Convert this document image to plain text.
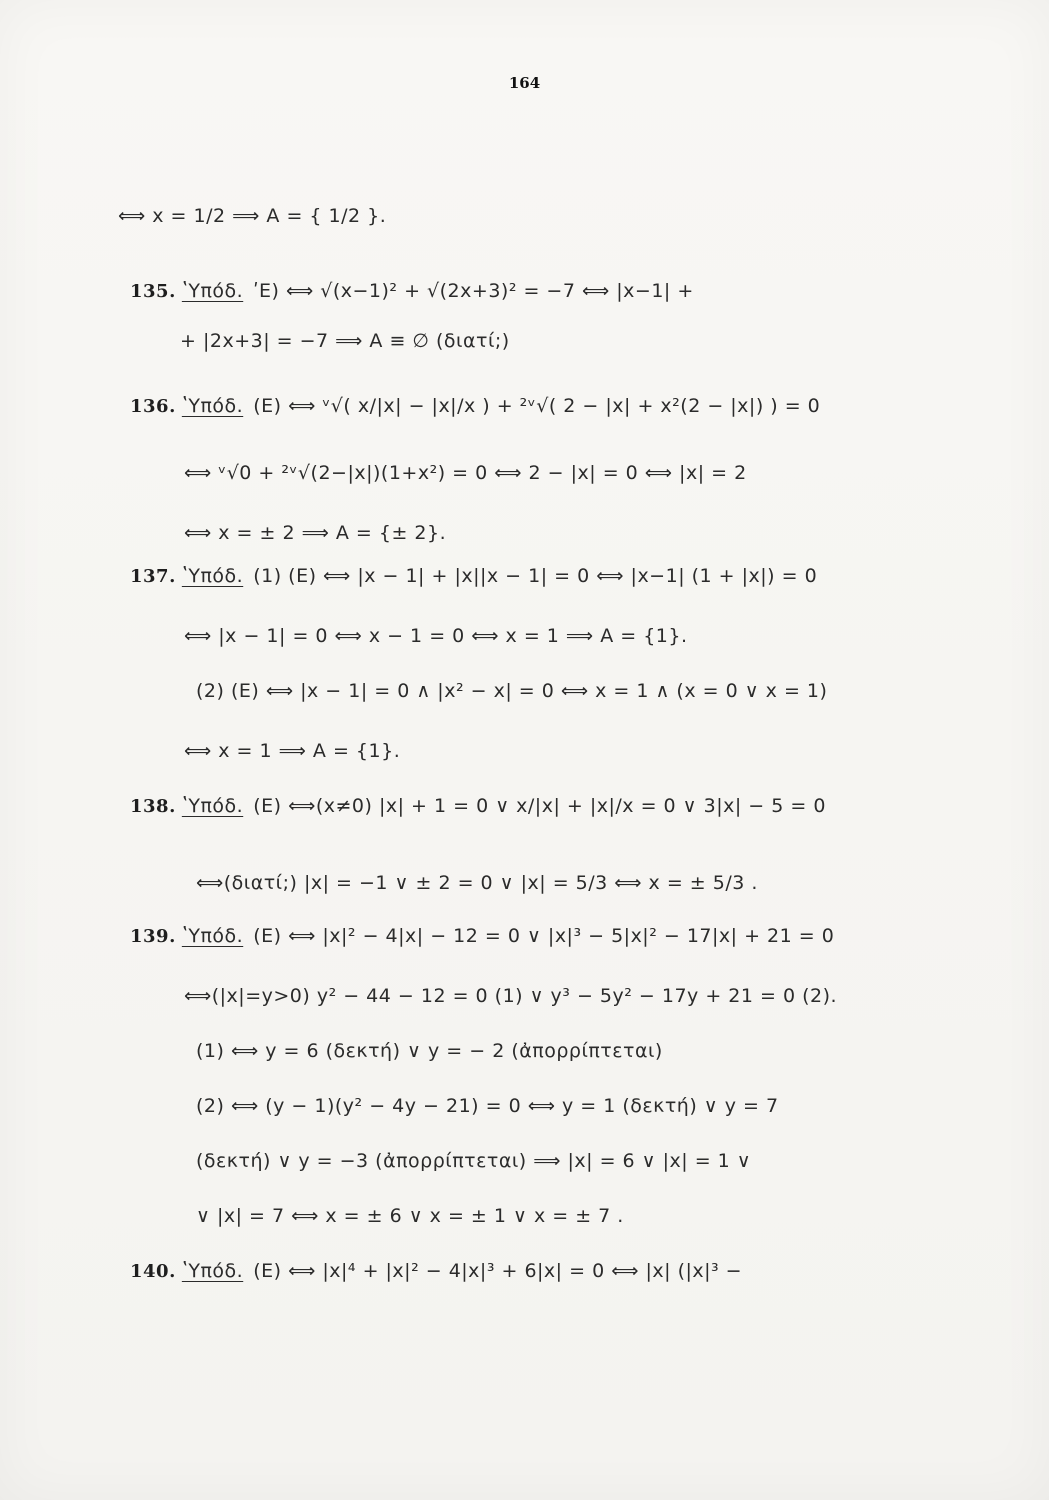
164
⟺ x = 1/2 ⟹ A = { 1/2 }.
135. ʽΥπόδ. ʹΕ) ⟺ √(x−1)² + √(2x+3)² = −7 ⟺ |x−1| +
+ |2x+3| = −7 ⟹ A ≡ ∅ (διατί;)
136. ʽΥπόδ. (Ε) ⟺ ᵛ√( x/|x| − |x|/x ) + ²ᵛ√( 2 − |x| + x²(2 − |x|) ) = 0
⟺ ᵛ√0 + ²ᵛ√(2−|x|)(1+x²) = 0 ⟺ 2 − |x| = 0 ⟺ |x| = 2
⟺ x = ± 2 ⟹ A = {± 2}.
137. ʽΥπόδ. (1) (Ε) ⟺ |x − 1| + |x||x − 1| = 0 ⟺ |x−1| (1 + |x|) = 0
⟺ |x − 1| = 0 ⟺ x − 1 = 0 ⟺ x = 1 ⟹ A = {1}.
(2) (Ε) ⟺ |x − 1| = 0 ∧ |x² − x| = 0 ⟺ x = 1 ∧ (x = 0 ∨ x = 1)
⟺ x = 1 ⟹ A = {1}.
138. ʽΥπόδ. (Ε) ⟺(x≠0) |x| + 1 = 0 ∨ x/|x| + |x|/x = 0 ∨ 3|x| − 5 = 0
⟺(διατί;) |x| = −1 ∨ ± 2 = 0 ∨ |x| = 5/3 ⟺ x = ± 5/3 .
139. ʽΥπόδ. (Ε) ⟺ |x|² − 4|x| − 12 = 0 ∨ |x|³ − 5|x|² − 17|x| + 21 = 0
⟺(|x|=y>0) y² − 44 − 12 = 0 (1) ∨ y³ − 5y² − 17y + 21 = 0 (2).
(1) ⟺ y = 6 (δεκτή) ∨ y = − 2 (ἀπορρίπτεται)
(2) ⟺ (y − 1)(y² − 4y − 21) = 0 ⟺ y = 1 (δεκτή) ∨ y = 7
(δεκτή) ∨ y = −3 (ἀπορρίπτεται) ⟹ |x| = 6 ∨ |x| = 1 ∨
∨ |x| = 7 ⟺ x = ± 6 ∨ x = ± 1 ∨ x = ± 7 .
140. ʽΥπόδ. (Ε) ⟺ |x|⁴ + |x|² − 4|x|³ + 6|x| = 0 ⟺ |x| (|x|³ −
